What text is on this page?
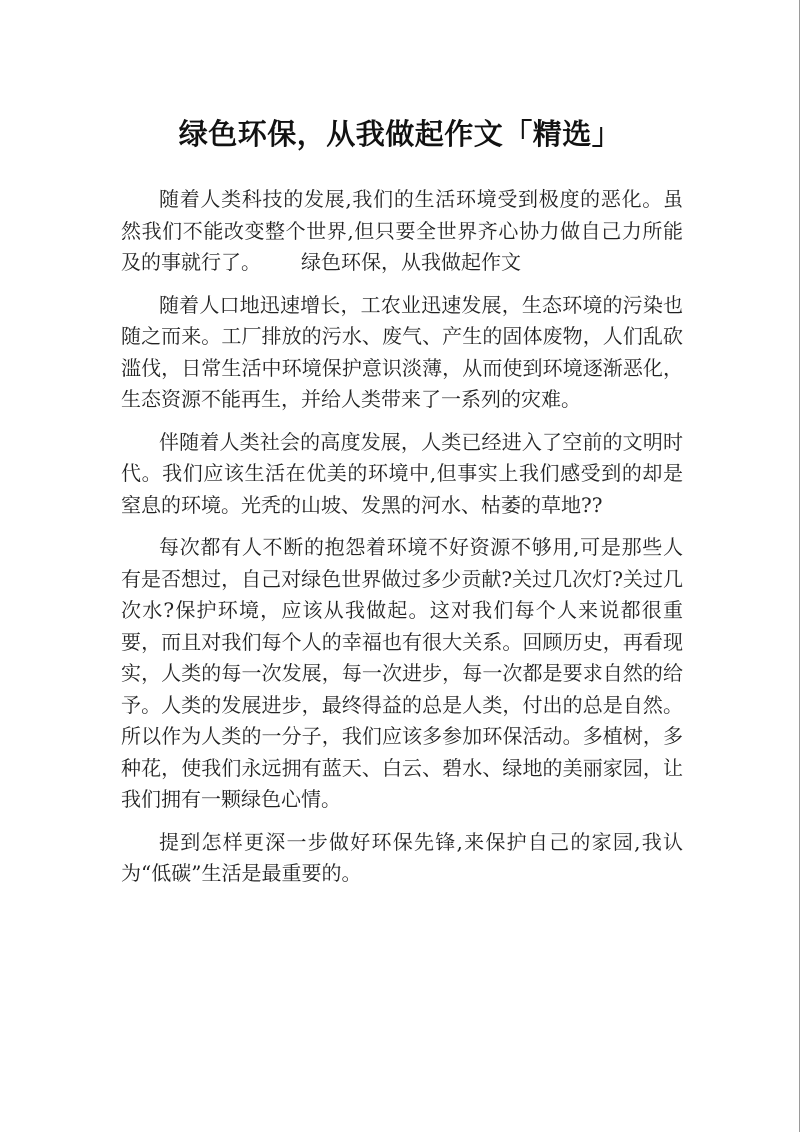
绿色环保，从我做起作文「精选」

随着人类科技的发展,我们的生活环境受到极度的恶化。虽然我们不能改变整个世界,但只要全世界齐心协力做自己力所能及的事就行了。 绿色环保，从我做起作文

随着人口地迅速增长，工农业迅速发展，生态环境的污染也随之而来。工厂排放的污水、废气、产生的固体废物，人们乱砍滥伐，日常生活中环境保护意识淡薄，从而使到环境逐渐恶化，生态资源不能再生，并给人类带来了一系列的灾难。

伴随着人类社会的高度发展，人类已经进入了空前的文明时代。我们应该生活在优美的环境中,但事实上我们感受到的却是窒息的环境。光秃的山坡、发黑的河水、枯萎的草地??

每次都有人不断的抱怨着环境不好资源不够用,可是那些人有是否想过，自己对绿色世界做过多少贡献?关过几次灯?关过几次水?保护环境，应该从我做起。这对我们每个人来说都很重要，而且对我们每个人的幸福也有很大关系。回顾历史，再看现实，人类的每一次发展，每一次进步，每一次都是要求自然的给予。人类的发展进步，最终得益的总是人类，付出的总是自然。所以作为人类的一分子，我们应该多参加环保活动。多植树，多种花，使我们永远拥有蓝天、白云、碧水、绿地的美丽家园，让我们拥有一颗绿色心情。

提到怎样更深一步做好环保先锋,来保护自己的家园,我认为“低碳”生活是最重要的。
